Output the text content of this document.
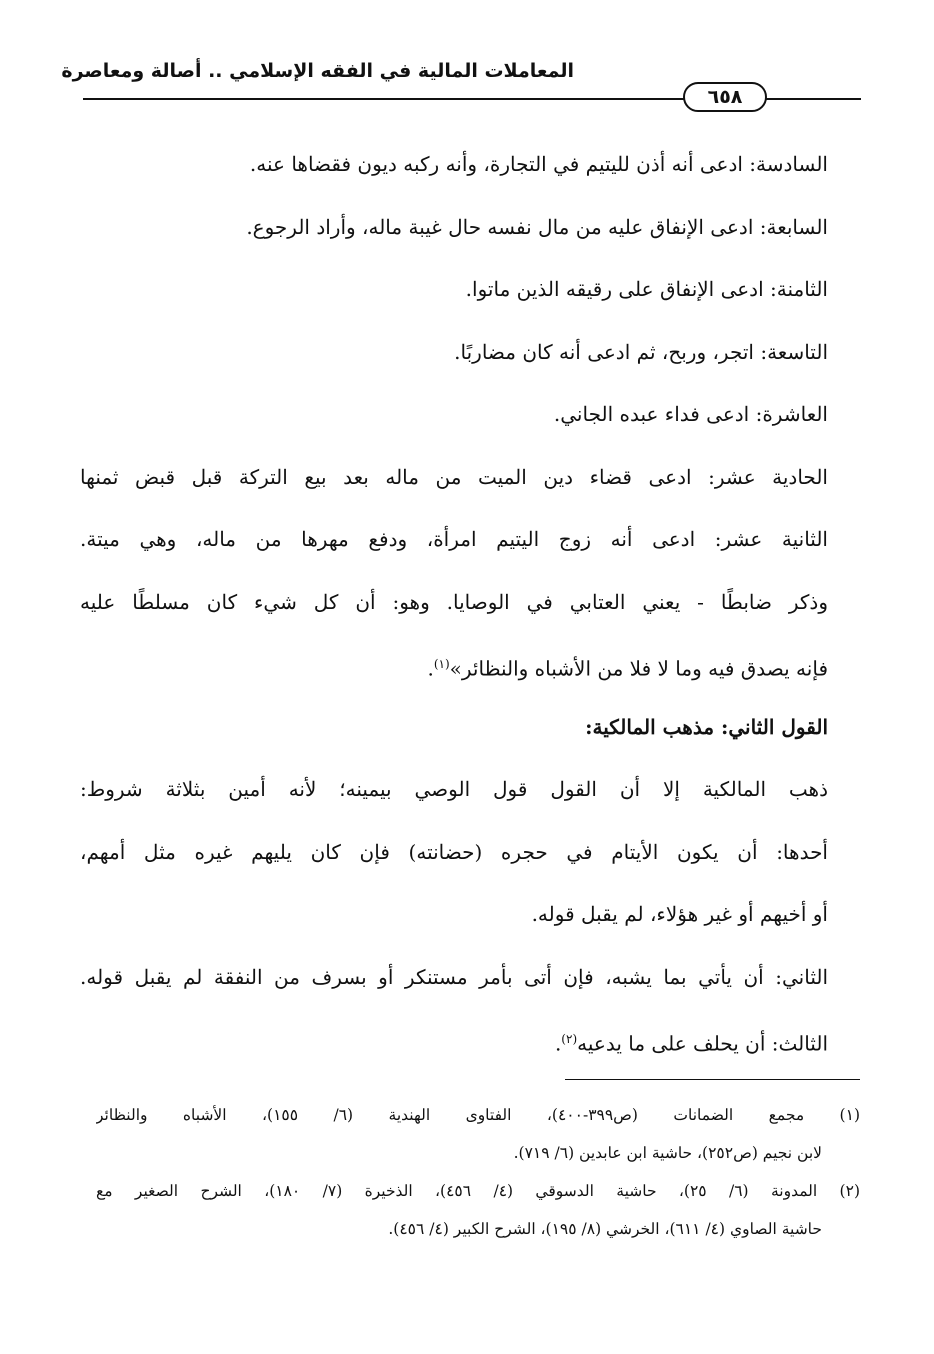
المعاملات المالية في الفقه الإسلامي .. أصالة ومعاصرة
٦٥٨
السادسة: ادعى أنه أذن لليتيم في التجارة، وأنه ركبه ديون فقضاها عنه.
السابعة: ادعى الإنفاق عليه من مال نفسه حال غيبة ماله، وأراد الرجوع.
الثامنة: ادعى الإنفاق على رقيقه الذين ماتوا.
التاسعة: اتجر، وربح، ثم ادعى أنه كان مضاربًا.
العاشرة: ادعى فداء عبده الجاني.
الحادية عشر: ادعى قضاء دين الميت من ماله بعد بيع التركة قبل قبض ثمنها
الثانية عشر: ادعى أنه زوج اليتيم امرأة، ودفع مهرها من ماله، وهي ميتة.
وذكر ضابطًا - يعني العتابي في الوصايا. وهو: أن كل شيء كان مسلطًا عليه
فإنه يصدق فيه وما لا فلا من الأشباه والنظائر»$^{(١)}$.
القول الثاني: مذهب المالكية:
ذهب المالكية إلا أن القول قول الوصي بيمينه؛ لأنه أمين بثلاثة شروط:
أحدها: أن يكون الأيتام في حجره (حضانته) فإن كان يليهم غيره مثل أمهم،
أو أخيهم أو غير هؤلاء، لم يقبل قوله.
الثاني: أن يأتي بما يشبه، فإن أتى بأمر مستنكر أو بسرف من النفقة لم يقبل قوله.
الثالث: أن يحلف على ما يدعيه$^{(٢)}$.
(١) مجمع الضمانات (ص٣٩٩-٤٠٠)، الفتاوى الهندية (٦/ ١٥٥)، الأشباه والنظائر
لابن نجيم (ص٢٥٢)، حاشية ابن عابدين (٦/ ٧١٩).
(٢) المدونة (٦/ ٢٥)، حاشية الدسوقي (٤/ ٤٥٦)، الذخيرة (٧/ ١٨٠)، الشرح الصغير مع
حاشية الصاوي (٤/ ٦١١)، الخرشي (٨/ ١٩٥)، الشرح الكبير (٤/ ٤٥٦).
